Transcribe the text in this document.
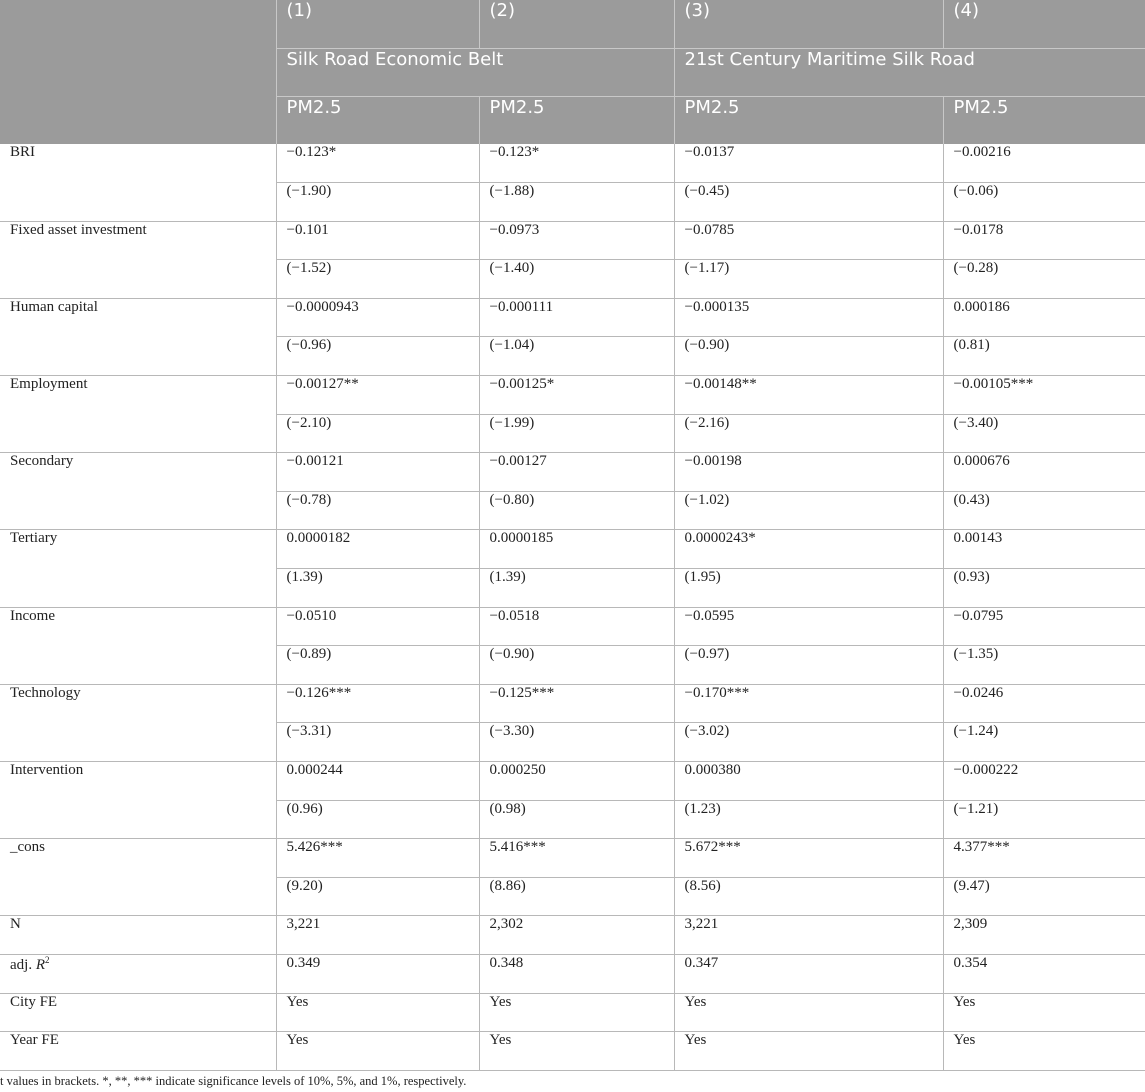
	(1)	(2)	(3)	(4)
	Silk Road Economic Belt		21st Century Maritime Silk Road	
	PM2.5	PM2.5	PM2.5	PM2.5
BRI	−0.123*	−0.123*	−0.0137	−0.00216
	(−1.90)	(−1.88)	(−0.45)	(−0.06)
Fixed asset investment	−0.101	−0.0973	−0.0785	−0.0178
	(−1.52)	(−1.40)	(−1.17)	(−0.28)
Human capital	−0.0000943	−0.000111	−0.000135	0.000186
	(−0.96)	(−1.04)	(−0.90)	(0.81)
Employment	−0.00127**	−0.00125*	−0.00148**	−0.00105***
	(−2.10)	(−1.99)	(−2.16)	(−3.40)
Secondary	−0.00121	−0.00127	−0.00198	0.000676
	(−0.78)	(−0.80)	(−1.02)	(0.43)
Tertiary	0.0000182	0.0000185	0.0000243*	0.00143
	(1.39)	(1.39)	(1.95)	(0.93)
Income	−0.0510	−0.0518	−0.0595	−0.0795
	(−0.89)	(−0.90)	(−0.97)	(−1.35)
Technology	−0.126***	−0.125***	−0.170***	−0.0246
	(−3.31)	(−3.30)	(−3.02)	(−1.24)
Intervention	0.000244	0.000250	0.000380	−0.000222
	(0.96)	(0.98)	(1.23)	(−1.21)
_cons	5.426***	5.416***	5.672***	4.377***
	(9.20)	(8.86)	(8.56)	(9.47)
N	3,221	2,302	3,221	2,309
adj. $R^2$	0.349	0.348	0.347	0.354
City FE	Yes	Yes	Yes	Yes
Year FE	Yes	Yes	Yes	Yes
t values in brackets. *, **, *** indicate significance levels of 10%, 5%, and 1%, respectively.
